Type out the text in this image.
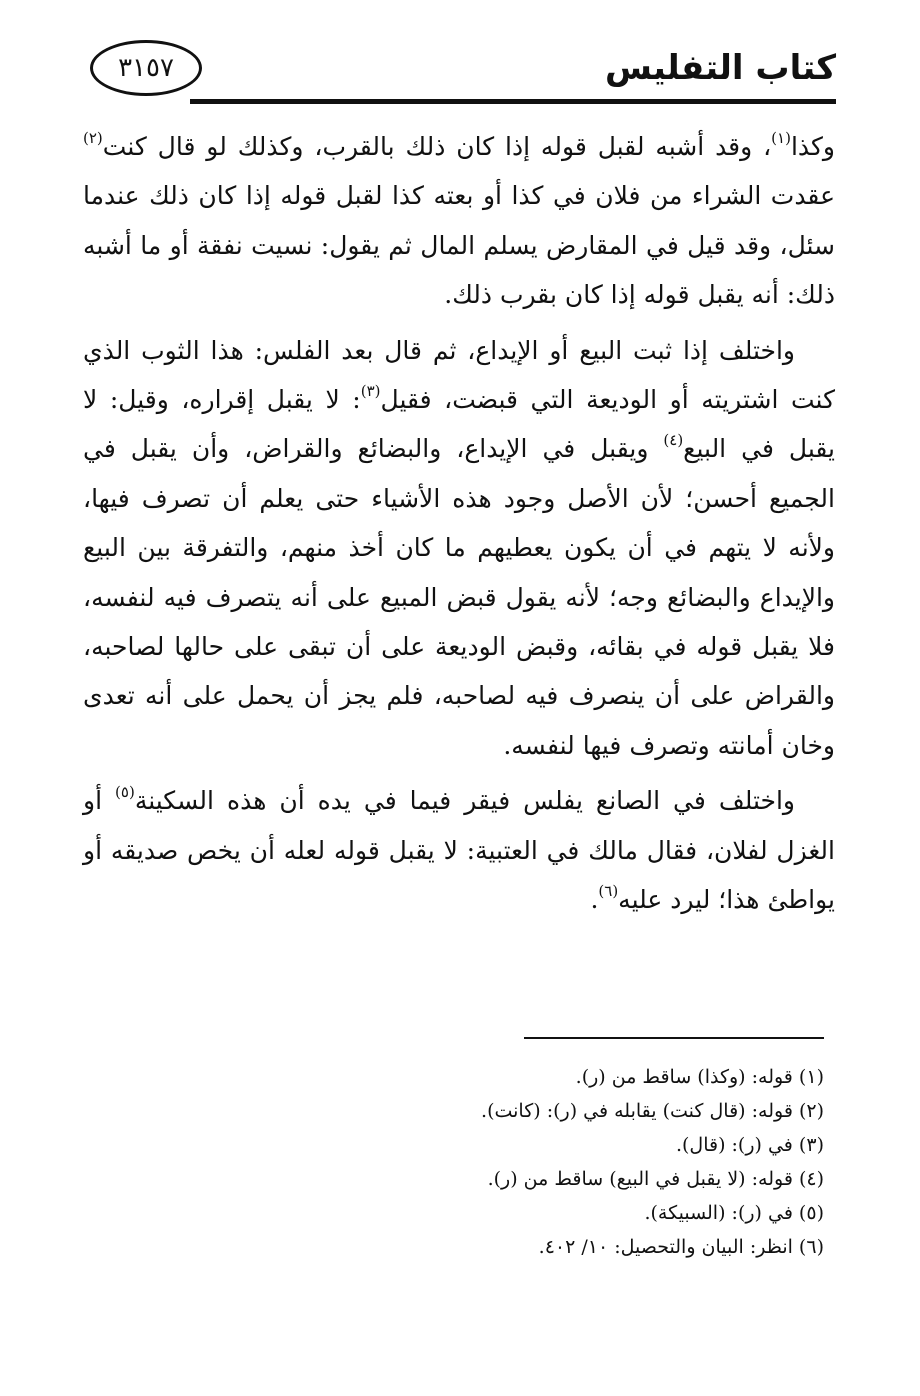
كتاب التفليس
٣١٥٧

وكذا$^{(١)}$، وقد أشبه لقبل قوله إذا كان ذلك بالقرب، وكذلك لو قال كنت$^{(٢)}$ عقدت الشراء من فلان في كذا أو بعته كذا لقبل قوله إذا كان ذلك عندما سئل، وقد قيل في المقارض يسلم المال ثم يقول: نسيت نفقة أو ما أشبه ذلك: أنه يقبل قوله إذا كان بقرب ذلك.

واختلف إذا ثبت البيع أو الإيداع، ثم قال بعد الفلس: هذا الثوب الذي كنت اشتريته أو الوديعة التي قبضت، فقيل$^{(٣)}$: لا يقبل إقراره، وقيل: لا يقبل في البيع$^{(٤)}$ ويقبل في الإيداع، والبضائع والقراض، وأن يقبل في الجميع أحسن؛ لأن الأصل وجود هذه الأشياء حتى يعلم أن تصرف فيها، ولأنه لا يتهم في أن يكون يعطيهم ما كان أخذ منهم، والتفرقة بين البيع والإيداع والبضائع وجه؛ لأنه يقول قبض المبيع على أنه يتصرف فيه لنفسه، فلا يقبل قوله في بقائه، وقبض الوديعة على أن تبقى على حالها لصاحبه، والقراض على أن ينصرف فيه لصاحبه، فلم يجز أن يحمل على أنه تعدى وخان أمانته وتصرف فيها لنفسه.

واختلف في الصانع يفلس فيقر فيما في يده أن هذه السكينة$^{(٥)}$ أو الغزل لفلان، فقال مالك في العتبية: لا يقبل قوله لعله أن يخص صديقه أو يواطئ هذا؛ ليرد عليه$^{(٦)}$.

(١) قوله: (وكذا) ساقط من (ر).
(٢) قوله: (قال كنت) يقابله في (ر): (كانت).
(٣) في (ر): (قال).
(٤) قوله: (لا يقبل في البيع) ساقط من (ر).
(٥) في (ر): (السبيكة).
(٦) انظر: البيان والتحصيل: ١٠/ ٤٠٢.
